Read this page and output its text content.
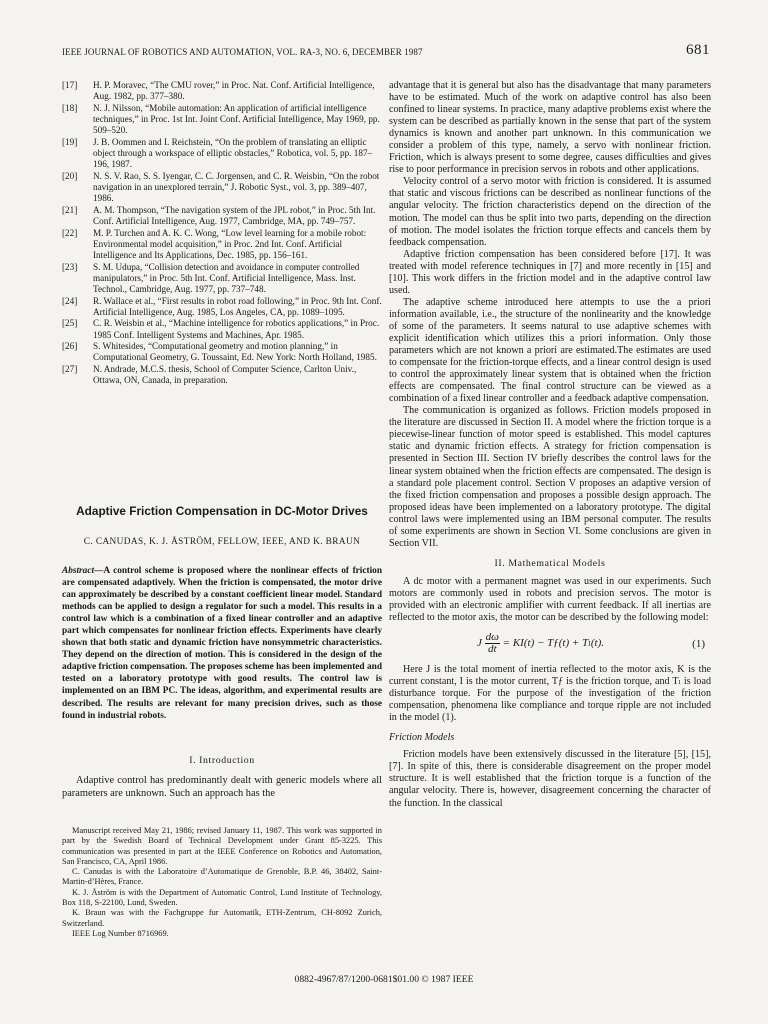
IEEE JOURNAL OF ROBOTICS AND AUTOMATION, VOL. RA-3, NO. 6, DECEMBER 1987	681
[17] H. P. Moravec, “The CMU rover,” in Proc. Nat. Conf. Artificial Intelligence, Aug. 1982, pp. 377–380.
[18] N. J. Nilsson, “Mobile automation: An application of artificial intelligence techniques,” in Proc. 1st Int. Joint Conf. Artificial Intelligence, May 1969, pp. 509–520.
[19] J. B. Oommen and I. Reichstein, “On the problem of translating an elliptic object through a workspace of elliptic obstacles,” Robotica, vol. 5, pp. 187–196, 1987.
[20] N. S. V. Rao, S. S. Iyengar, C. C. Jorgensen, and C. R. Weisbin, “On the robot navigation in an unexplored terrain,” J. Robotic Syst., vol. 3, pp. 389–407, 1986.
[21] A. M. Thompson, “The navigation system of the JPL robot,” in Proc. 5th Int. Conf. Artificial Intelligence, Aug. 1977, Cambridge, MA, pp. 749–757.
[22] M. P. Turchen and A. K. C. Wong, “Low level learning for a mobile robot: Environmental model acquisition,” in Proc. 2nd Int. Conf. Artificial Intelligence and Its Applications, Dec. 1985, pp. 156–161.
[23] S. M. Udupa, “Collision detection and avoidance in computer controlled manipulators,” in Proc. 5th Int. Conf. Artificial Intelligence, Mass. Inst. Technol., Cambridge, Aug. 1977, pp. 737–748.
[24] R. Wallace et al., “First results in robot road following,” in Proc. 9th Int. Conf. Artificial Intelligence, Aug. 1985, Los Angeles, CA, pp. 1089–1095.
[25] C. R. Weisbin et al., “Machine intelligence for robotics applications,” in Proc. 1985 Conf. Intelligent Systems and Machines, Apr. 1985.
[26] S. Whitesides, “Computational geometry and motion planning,” in Computational Geometry, G. Toussaint, Ed. New York: North Holland, 1985.
[27] N. Andrade, M.C.S. thesis, School of Computer Science, Carlton Univ., Ottawa, ON, Canada, in preparation.

Adaptive Friction Compensation in DC-Motor Drives

C. CANUDAS, K. J. ÅSTRÖM, FELLOW, IEEE, AND K. BRAUN

Abstract—A control scheme is proposed where the nonlinear effects of friction are compensated adaptively. When the friction is compensated, the motor drive can approximately be described by a constant coefficient linear model. Standard methods can be applied to design a regulator for such a model. This results in a control law which is a combination of a fixed linear controller and an adaptive part which compensates for nonlinear friction effects. Experiments have clearly shown that both static and dynamic friction have nonsymmetric characteristics. They depend on the direction of motion. This is considered in the design of the adaptive friction compensation. The proposes scheme has been implemented and tested on a laboratory prototype with good results. The control law is implemented on an IBM PC. The ideas, algorithm, and experimental results are described. The results are relevant for many precision drives, such as those found in industrial robots.

I. Introduction

Adaptive control has predominantly dealt with generic models where all parameters are unknown. Such an approach has the

Manuscript received May 21, 1986; revised January 11, 1987. This work was supported in part by the Swedish Board of Technical Development under Grant 85-3225. This communication was presented in part at the IEEE Conference on Robotics and Automation, San Francisco, CA, April 1986.

C. Canudas is with the Laboratoire d’Automatique de Grenoble, B.P. 46, 38402, Saint-Martin-d’Hères, France.

K. J. Åström is with the Department of Automatic Control, Lund Institute of Technology, Box 118, S-22100, Lund, Sweden.

K. Braun was with the Fachgruppe fur Automatik, ETH-Zentrum, CH-8092 Zurich, Switzerland.

IEEE Log Number 8716969.

advantage that it is general but also has the disadvantage that many parameters have to be estimated. Much of the work on adaptive control has also been confined to linear systems. In practice, many adaptive problems exist where the system can be described as partially known in the sense that part of the system dynamics is known and another part unknown. In this communication we consider a problem of this type, namely, a servo with nonlinear friction. Friction, which is always present to some degree, causes difficulties and gives rise to poor performance in precision servos in robots and other applications.

Velocity control of a servo motor with friction is considered. It is assumed that static and viscous frictions can be described as nonlinear functions of the angular velocity. The friction characteristics depend on the direction of the motion. The model can thus be split into two parts, depending on the direction of motion. The model isolates the friction torque effects and cancels them by feedback compensation.

Adaptive friction compensation has been considered before [17]. It was treated with model reference techniques in [7] and more recently in [15] and [10]. This work differs in the friction model and in the adaptive control law used.

The adaptive scheme introduced here attempts to use the a priori information available, i.e., the structure of the nonlinearity and the knowledge of some of the parameters. It seems natural to use adaptive schemes with explicit identification which utilizes this a priori information. Only those parameters which are not known a priori are estimated.The estimates are used to compensate for the friction-torque effects, and a linear control design is used to control the approximately linear system that is obtained when the friction effects are compensated. The final control structure can be viewed as a combination of a fixed linear controller and a feedback adaptive compensation.

The communication is organized as follows. Friction models proposed in the literature are discussed in Section II. A model where the friction torque is a piecewise-linear function of motor speed is established. This model captures static and dynamic friction effects. A strategy for friction compensation is presented in Section III. Section IV briefly describes the control laws for the linear system obtained when the friction effects are compensated. The design is a standard pole placement control. Section V proposes an adaptive version of the fixed friction compensation and proposes a possible design approach. The proposed ideas have been implemented on a laboratory prototype. The digital control laws were implemented using an IBM personal computer. The results of some experiments are shown in Section VI. Some conclusions are given in Section VII.

II. Mathematical Models

A dc motor with a permanent magnet was used in our experiments. Such motors are commonly used in robots and precision servos. The motor is provided with an electronic amplifier with current feedback. If all inertias are reflected to the motor axis, the motor can be described by the following model:

J $\frac{d\omega}{dt} = KI(t)$ − Tƒ(t) + Tₗ(t).	(1)

Here J is the total moment of inertia reflected to the motor axis, K is the current constant, I is the motor current, Tƒ is the friction torque, and Tₗ is load disturbance torque. For the purpose of the investigation of the friction compensation, phenomena like compliance and torque ripple are not included in the model (1).

Friction Models

Friction models have been extensively discussed in the literature [5], [15], [7]. In spite of this, there is considerable disagreement on the proper model structure. It is well established that the friction torque is a function of the angular velocity. There is, however, disagreement concerning the character of the function. In the classical

0882-4967/87/1200-0681$01.00 © 1987 IEEE
